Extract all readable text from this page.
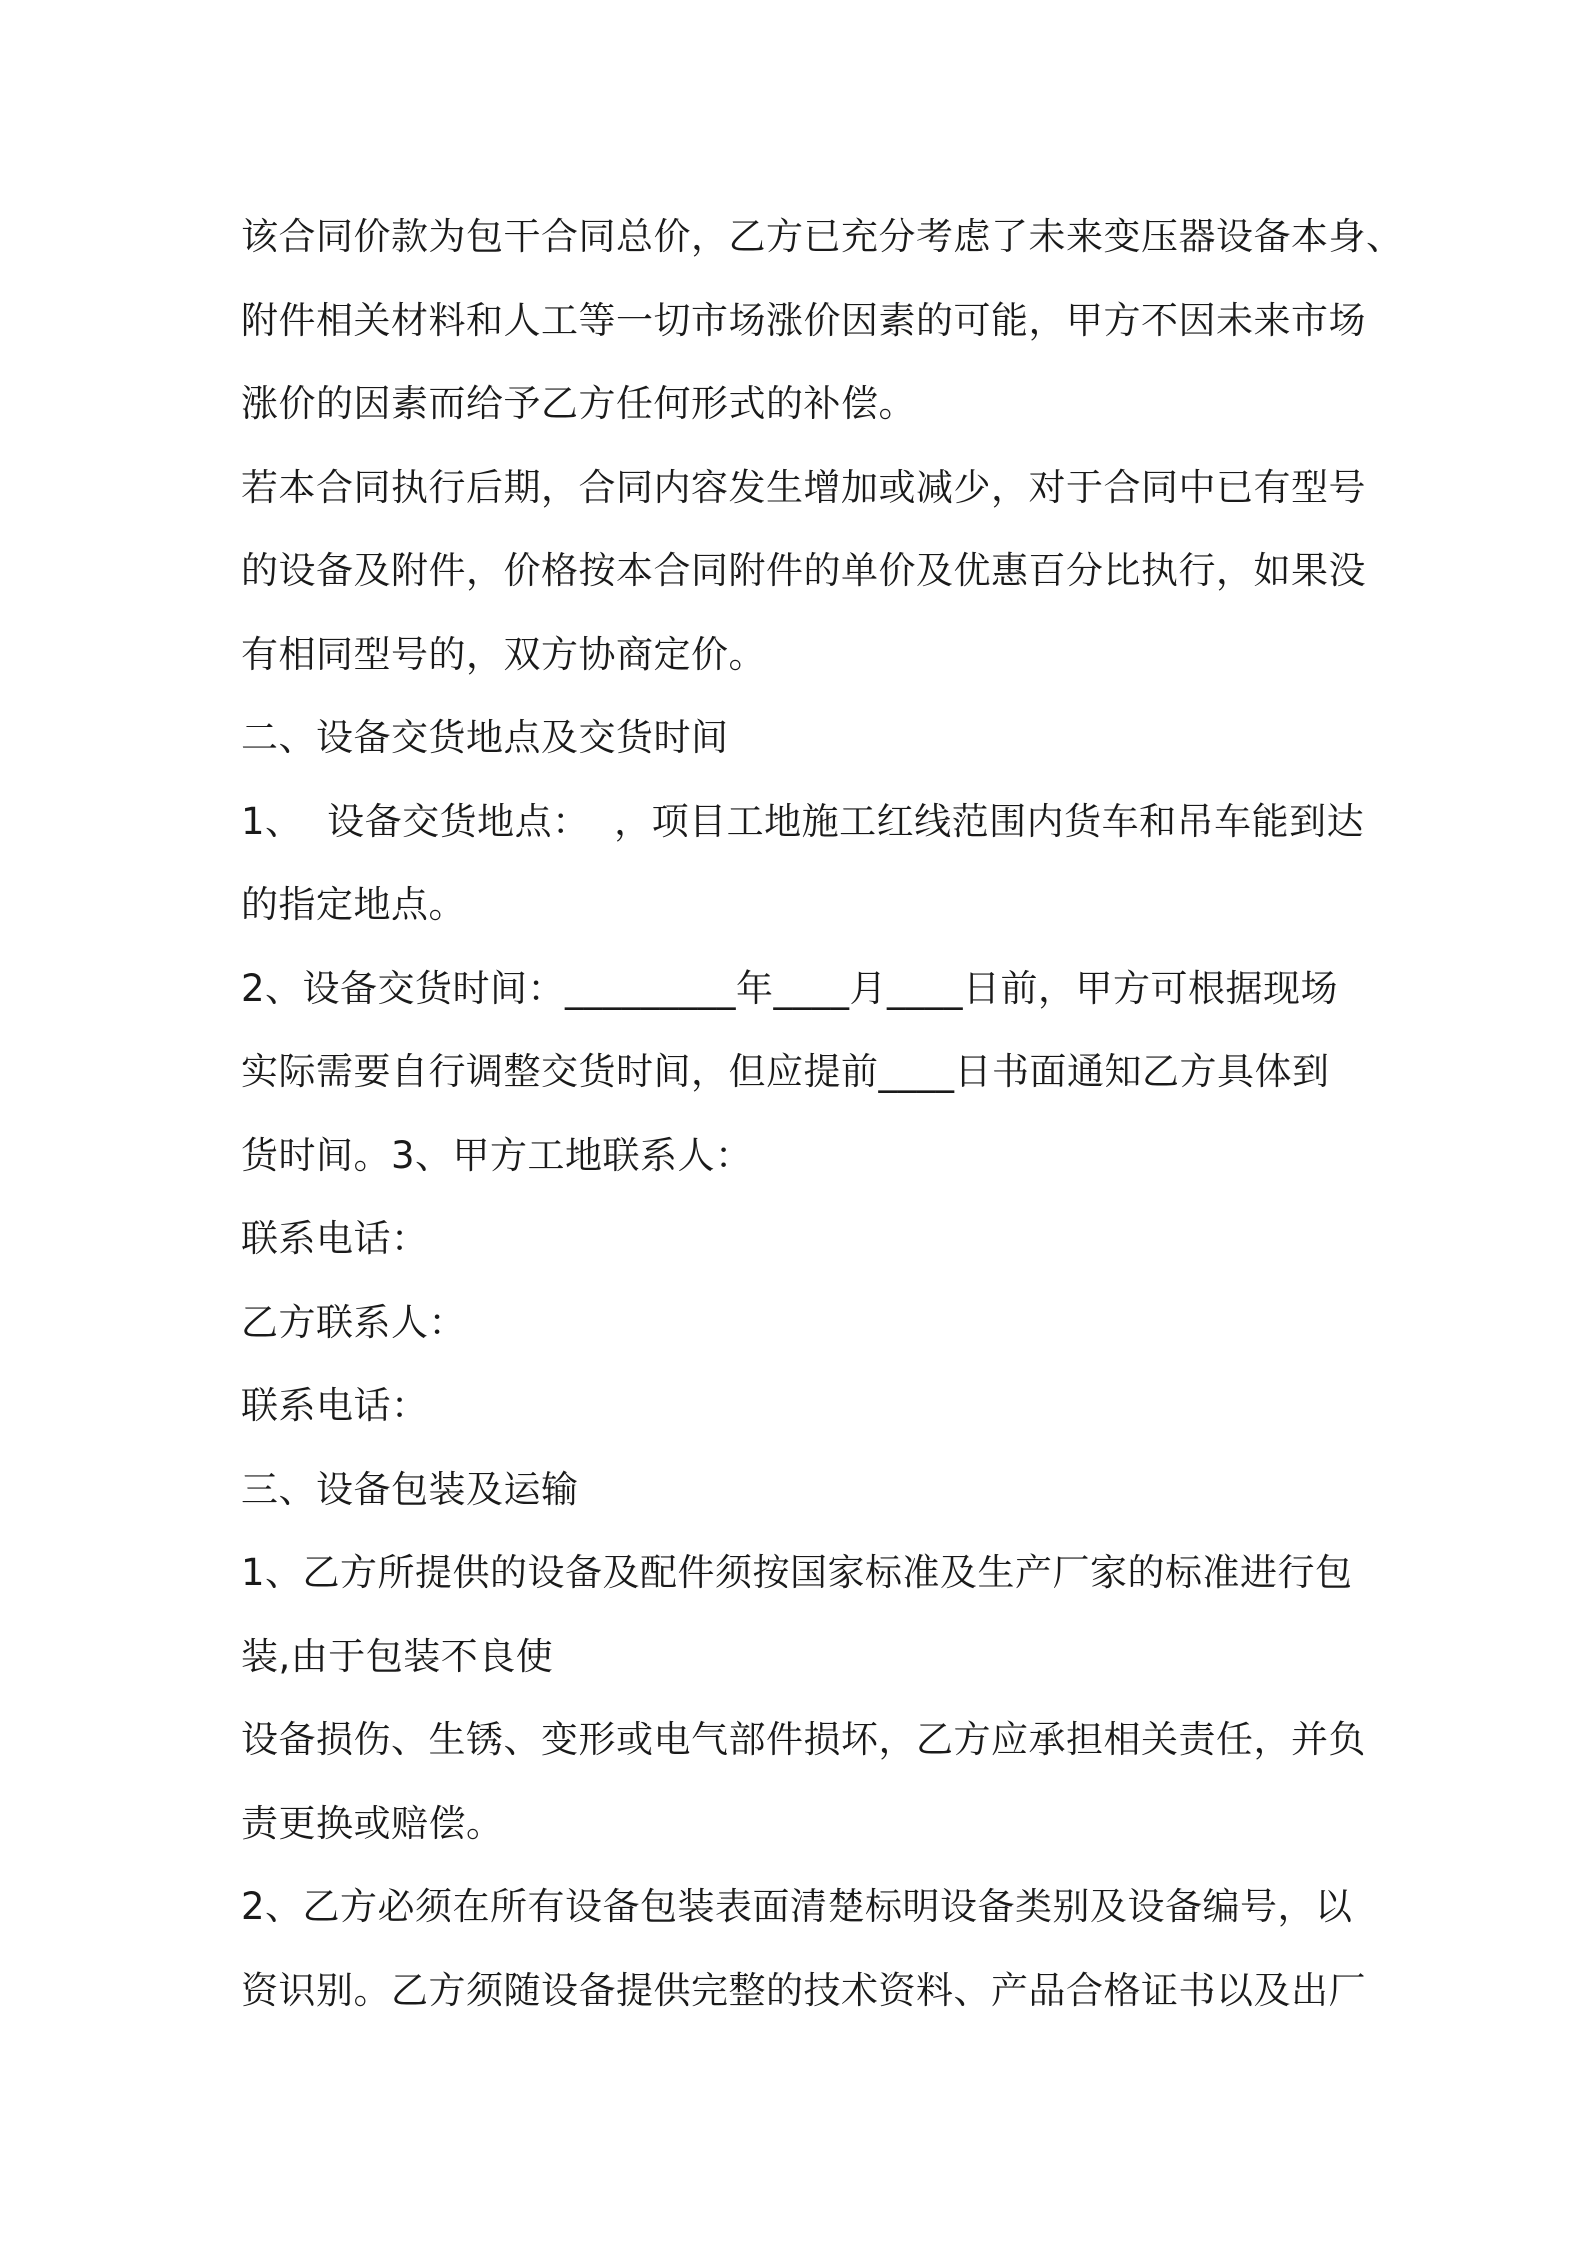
该合同价款为包干合同总价，乙方已充分考虑了未来变压器设备本身、
附件相关材料和人工等一切市场涨价因素的可能，甲方不因未来市场
涨价的因素而给予乙方任何形式的补偿。
若本合同执行后期，合同内容发生增加或减少，对于合同中已有型号
的设备及附件，价格按本合同附件的单价及优惠百分比执行，如果没
有相同型号的，双方协商定价。
二、设备交货地点及交货时间
1、  设备交货地点：  ，项目工地施工红线范围内货车和吊车能到达
的指定地点。
2、设备交货时间：_________年____月____日前，甲方可根据现场
实际需要自行调整交货时间，但应提前____日书面通知乙方具体到
货时间。3、甲方工地联系人：
联系电话：
乙方联系人：
联系电话：
三、设备包装及运输
1、乙方所提供的设备及配件须按国家标准及生产厂家的标准进行包
装,由于包装不良使
设备损伤、生锈、变形或电气部件损坏，乙方应承担相关责任，并负
责更换或赔偿。
2、乙方必须在所有设备包装表面清楚标明设备类别及设备编号，以
资识别。乙方须随设备提供完整的技术资料、产品合格证书以及出厂
